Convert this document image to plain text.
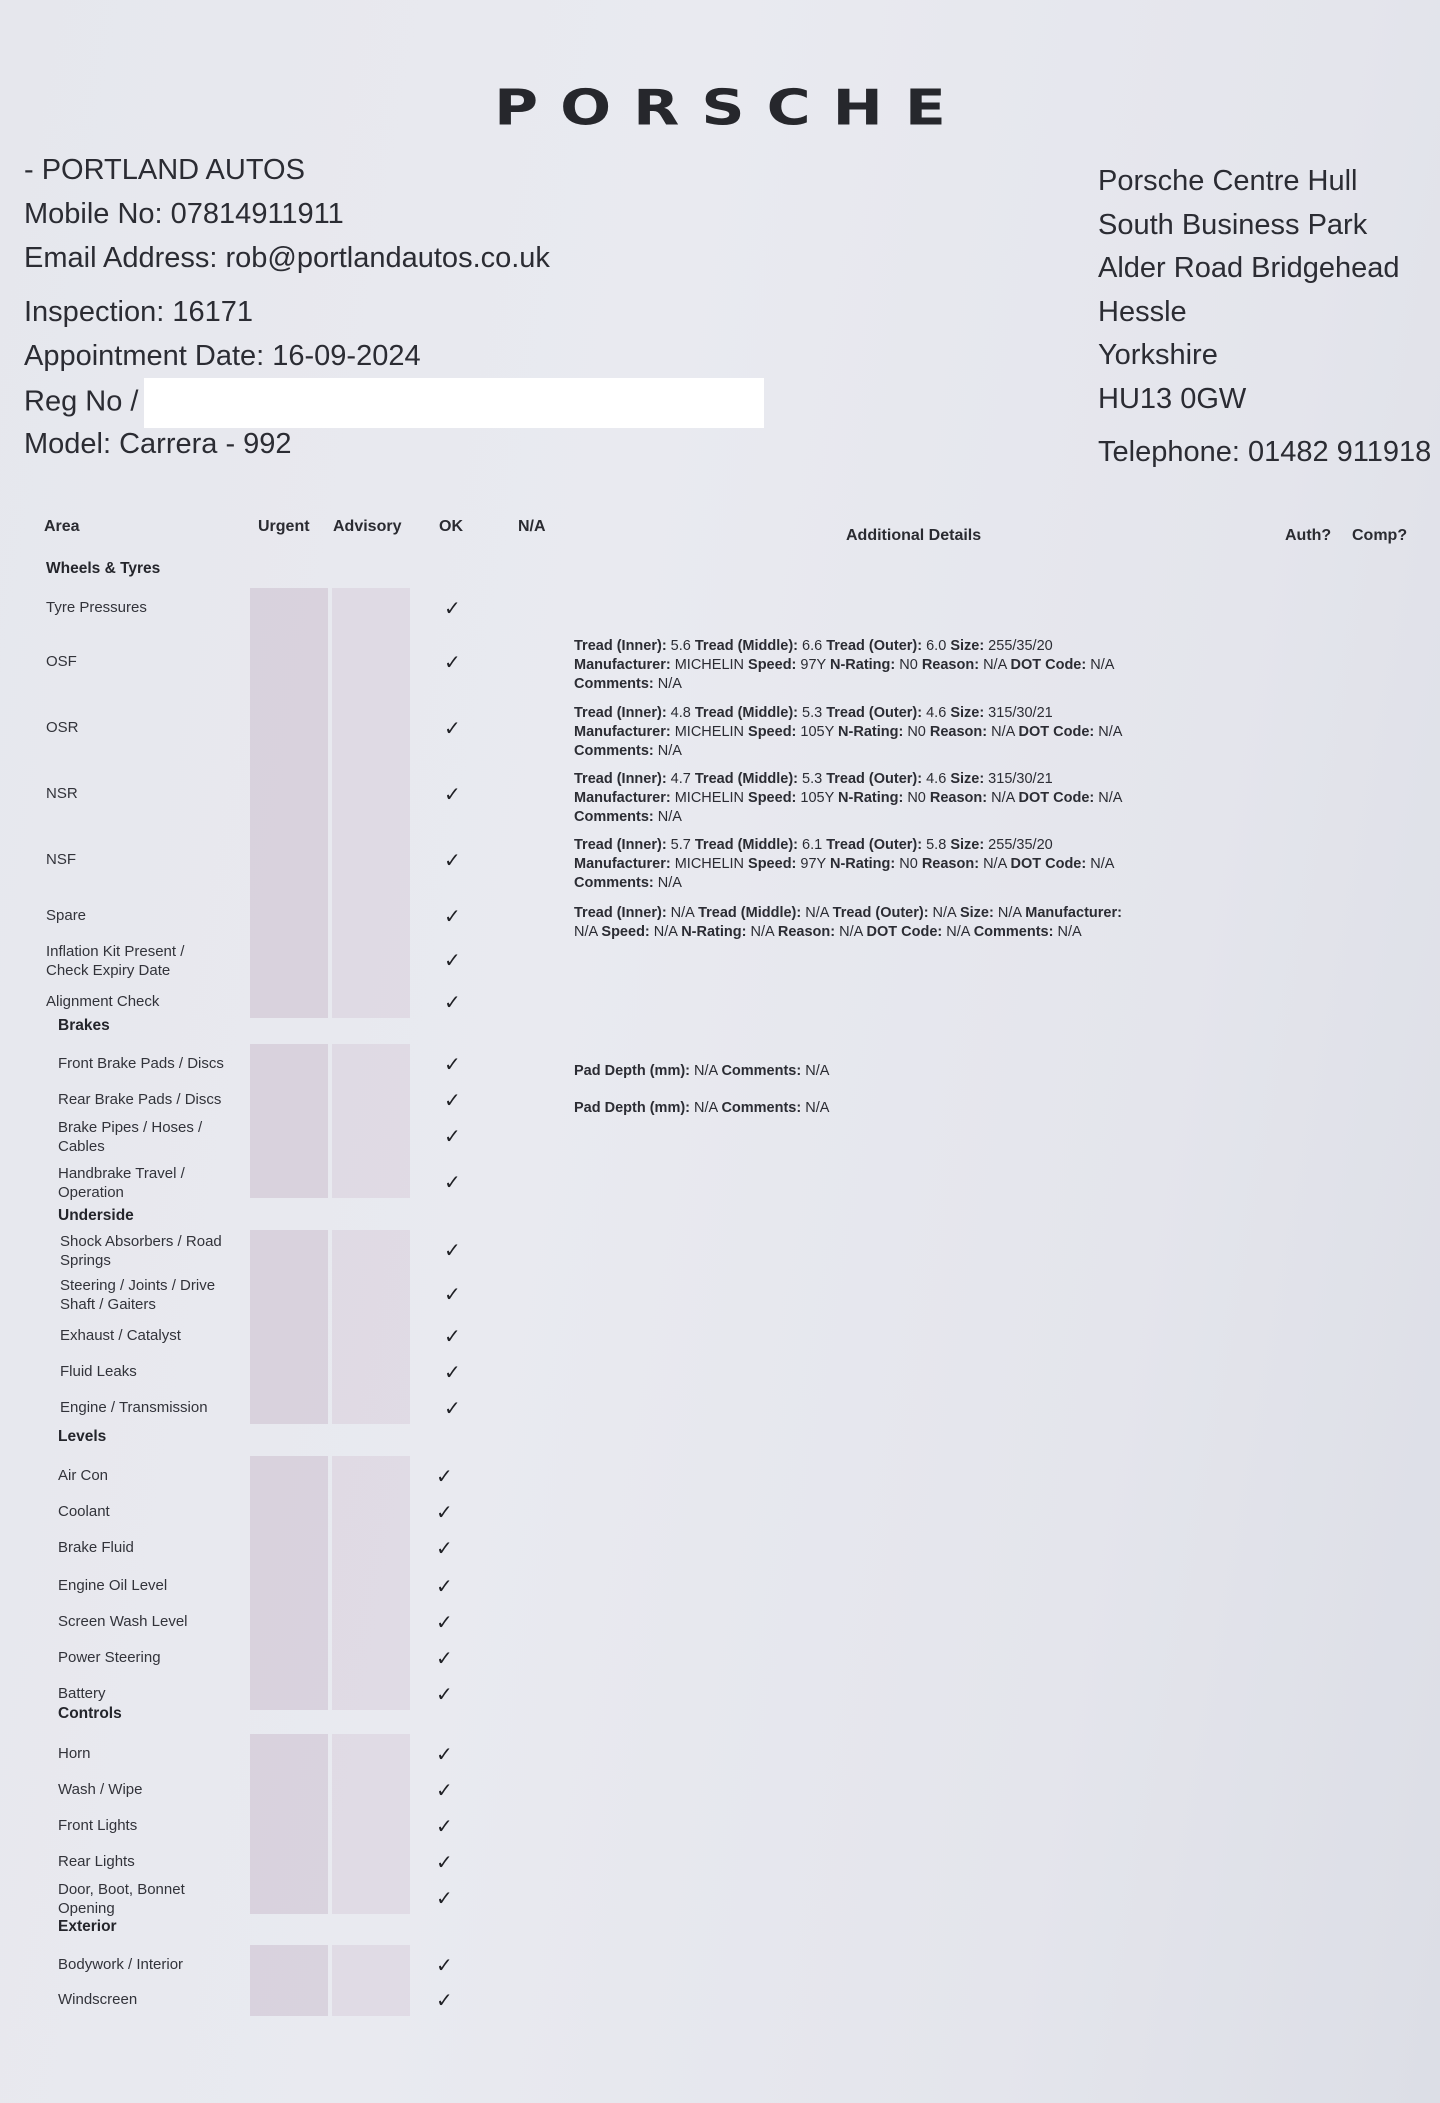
PORSCHE
- PORTLAND AUTOS
Mobile No: 07814911911
Email Address: rob@portlandautos.co.uk
Inspection: 16171
Appointment Date: 16-09-2024
Reg No /
Model: Carrera - 992
Porsche Centre Hull
South Business Park
Alder Road Bridgehead
Hessle
Yorkshire
HU13 0GW
Telephone: 01482 911918
Area	Urgent Advisory OK	N/A
Additional Details	Auth? Comp?
Wheels & Tyres
Tyre Pressures	✓
OSF	✓
Tread (Inner): 5.6 Tread (Middle): 6.6 Tread (Outer): 6.0 Size: 255/35/20
Manufacturer: MICHELIN Speed: 97Y N-Rating: N0 Reason: N/A DOT Code: N/A
Comments: N/A
OSR	✓
Tread (Inner): 4.8 Tread (Middle): 5.3 Tread (Outer): 4.6 Size: 315/30/21
Manufacturer: MICHELIN Speed: 105Y N-Rating: N0 Reason: N/A DOT Code: N/A
Comments: N/A
NSR	✓
Tread (Inner): 4.7 Tread (Middle): 5.3 Tread (Outer): 4.6 Size: 315/30/21
Manufacturer: MICHELIN Speed: 105Y N-Rating: N0 Reason: N/A DOT Code: N/A
Comments: N/A
NSF	✓
Tread (Inner): 5.7 Tread (Middle): 6.1 Tread (Outer): 5.8 Size: 255/35/20
Manufacturer: MICHELIN Speed: 97Y N-Rating: N0 Reason: N/A DOT Code: N/A
Comments: N/A
Spare	✓	Tread (Inner): N/A Tread (Middle): N/A Tread (Outer): N/A Size: N/A Manufacturer:
N/A Speed: N/A N-Rating: N/A Reason: N/A DOT Code: N/A Comments: N/A
Inflation Kit Present /
Check Expiry Date	✓
Alignment Check	✓
Brakes
Front Brake Pads / Discs	✓	Pad Depth (mm): N/A Comments: N/A
Rear Brake Pads / Discs	✓	Pad Depth (mm): N/A Comments: N/A
Brake Pipes / Hoses /
Cables	✓
Handbrake Travel /
Operation	✓
Underside
Shock Absorbers / Road
Springs	✓
Steering / Joints / Drive
Shaft / Gaiters	✓
Exhaust / Catalyst	✓
Fluid Leaks	✓
Engine / Transmission	✓
Levels
Air Con	✓
Coolant	✓
Brake Fluid	✓
Engine Oil Level	✓
Screen Wash Level	✓
Power Steering	✓
Battery	✓
Controls
Horn	✓
Wash / Wipe	✓
Front Lights	✓
Rear Lights	✓
Door, Boot, Bonnet
Opening	✓
Exterior
Bodywork / Interior	✓
Windscreen	✓
